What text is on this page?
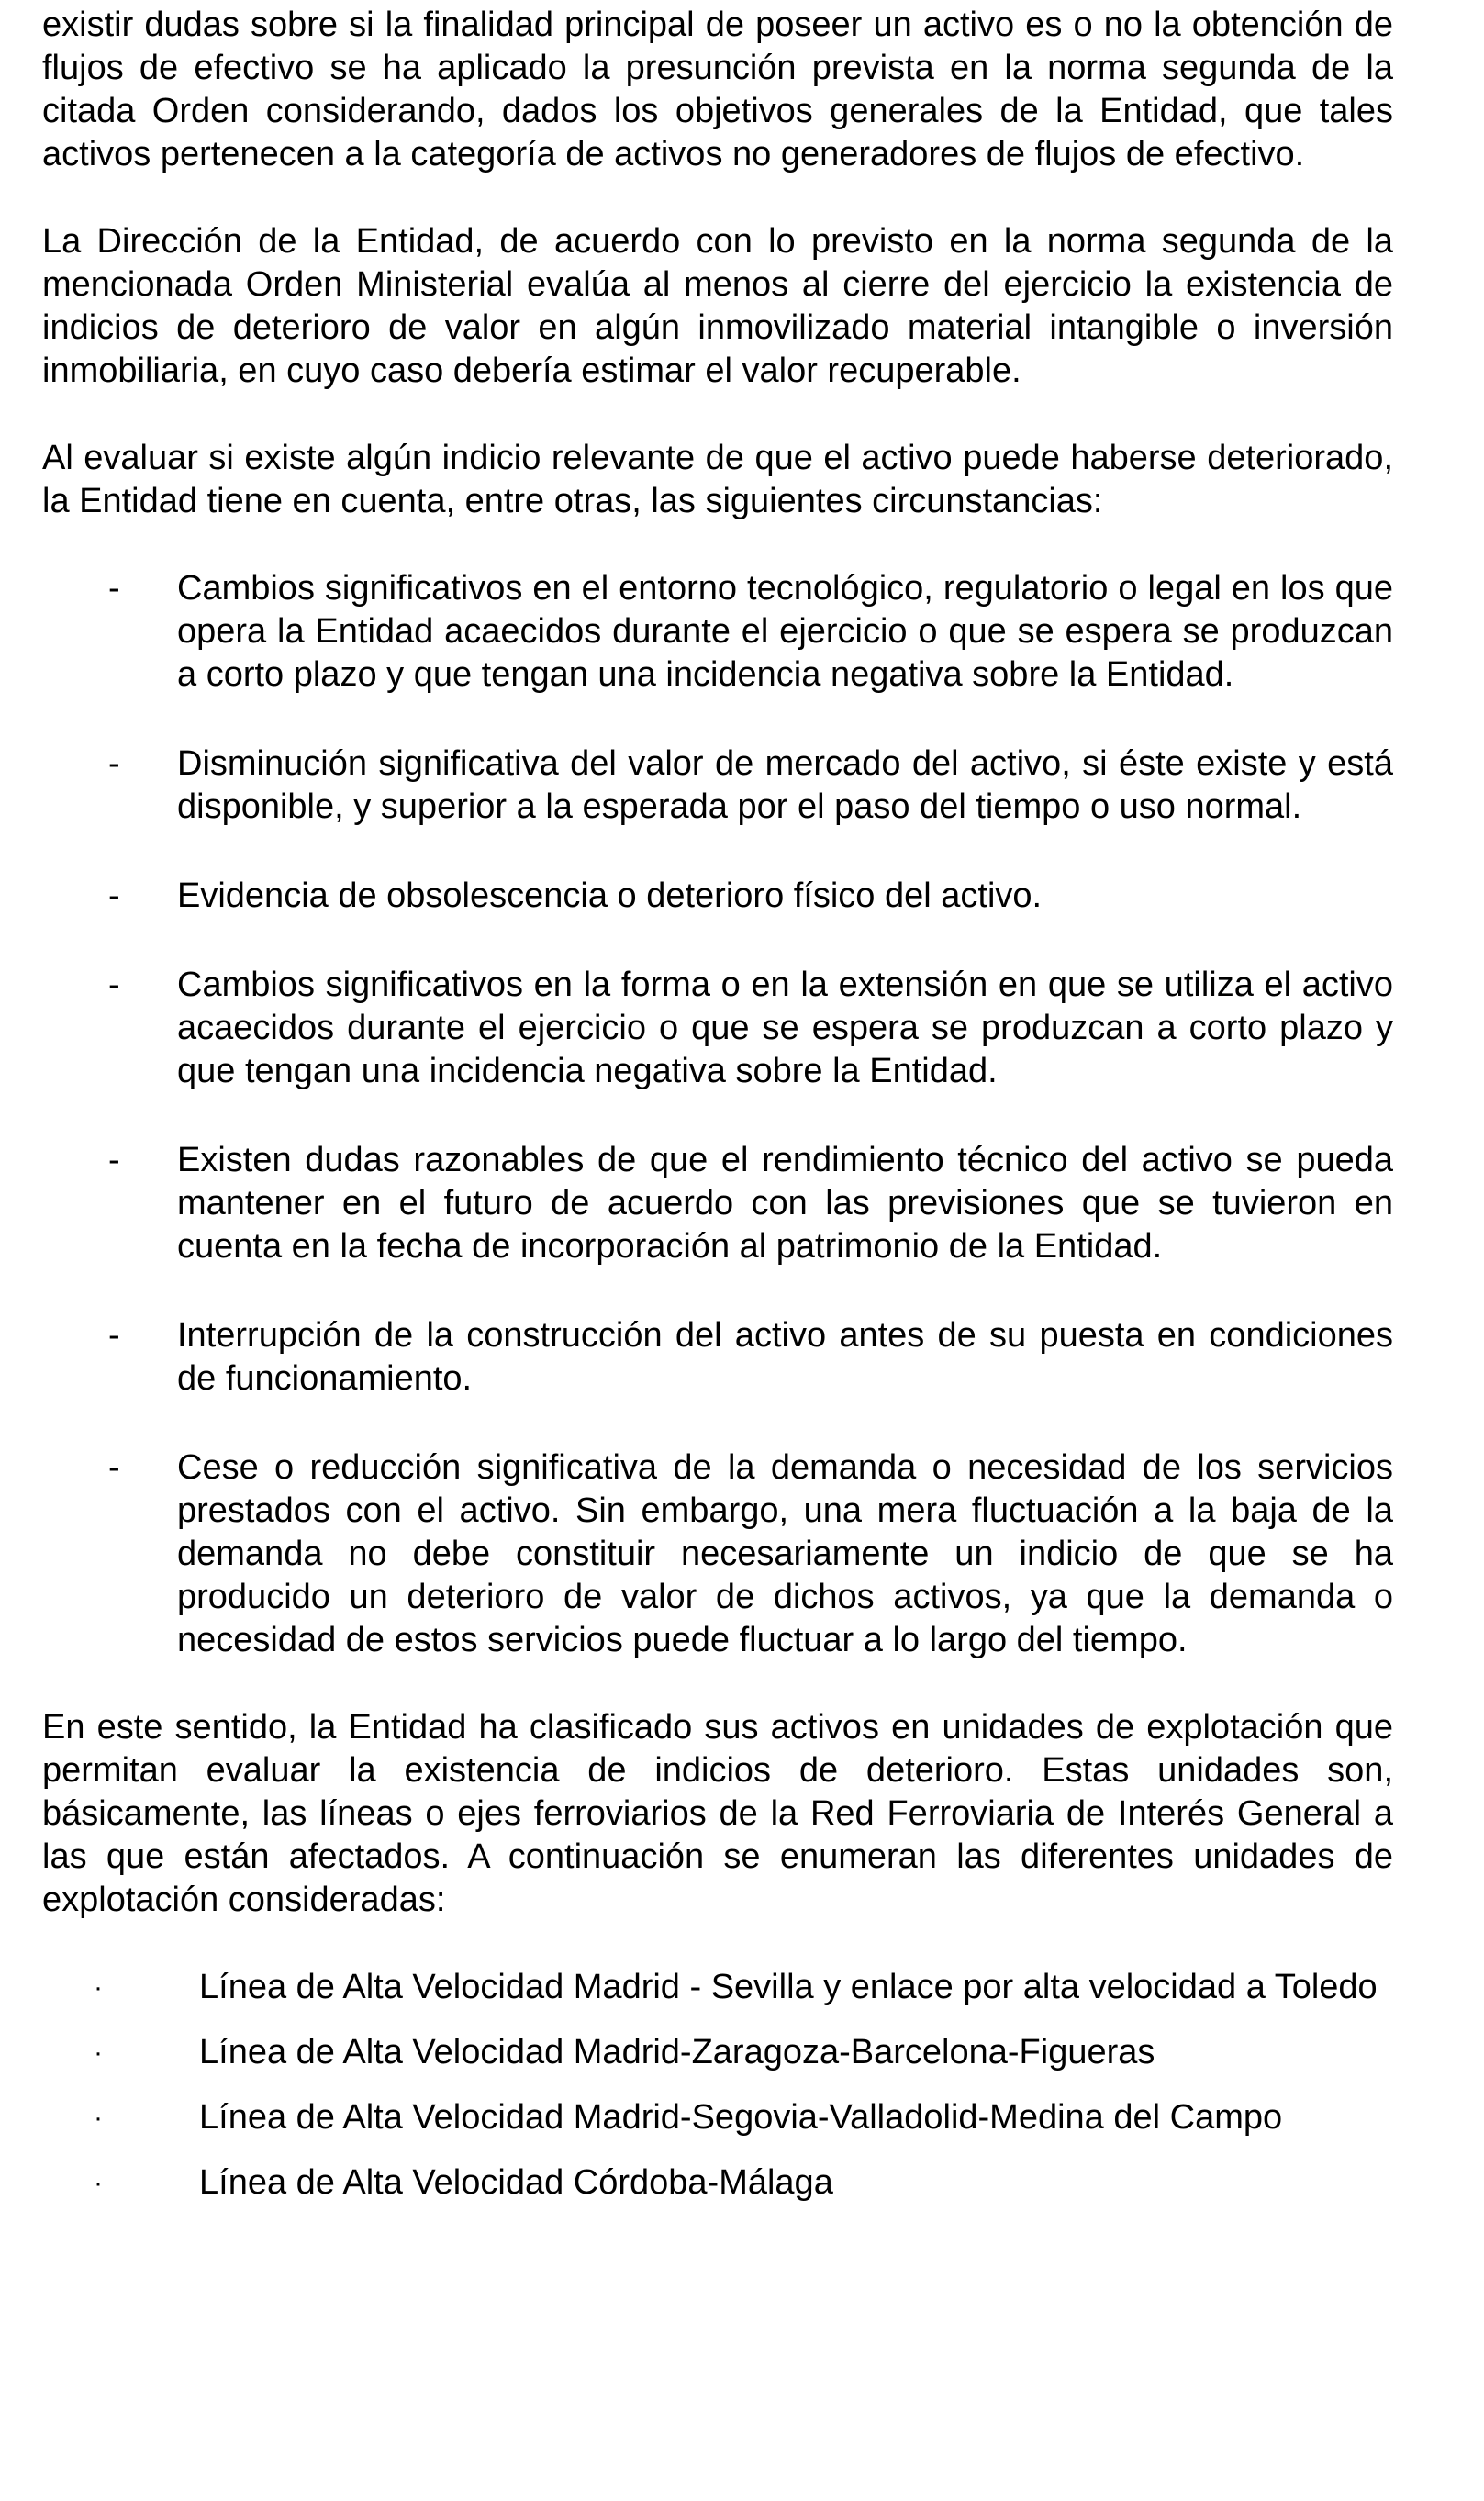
existir dudas sobre si la finalidad principal de poseer un activo es o no la obtención de flujos de efectivo se ha aplicado la presunción prevista en la norma segunda de la citada Orden considerando, dados los objetivos generales de la Entidad, que tales activos pertenecen a la categoría de activos no generadores de flujos de efectivo.

La Dirección de la Entidad, de acuerdo con lo previsto en la norma segunda de la mencionada Orden Ministerial evalúa al menos al cierre del ejercicio la existencia de indicios de deterioro de valor en algún inmovilizado material intangible o inversión inmobiliaria, en cuyo caso debería estimar el valor recuperable.

Al evaluar si existe algún indicio relevante de que el activo puede haberse deteriorado, la Entidad tiene en cuenta, entre otras, las siguientes circunstancias:

- Cambios significativos en el entorno tecnológico, regulatorio o legal en los que opera la Entidad acaecidos durante el ejercicio o que se espera se produzcan a corto plazo y que tengan una incidencia negativa sobre la Entidad.
- Disminución significativa del valor de mercado del activo, si éste existe y está disponible, y superior a la esperada por el paso del tiempo o uso normal.
- Evidencia de obsolescencia o deterioro físico del activo.
- Cambios significativos en la forma o en la extensión en que se utiliza el activo acaecidos durante el ejercicio o que se espera se produzcan a corto plazo y que tengan una incidencia negativa sobre la Entidad.
- Existen dudas razonables de que el rendimiento técnico del activo se pueda mantener en el futuro de acuerdo con las previsiones que se tuvieron en cuenta en la fecha de incorporación al patrimonio de la Entidad.
- Interrupción de la construcción del activo antes de su puesta en condiciones de funcionamiento.
- Cese o reducción significativa de la demanda o necesidad de los servicios prestados con el activo. Sin embargo, una mera fluctuación a la baja de la demanda no debe constituir necesariamente un indicio de que se ha producido un deterioro de valor de dichos activos, ya que la demanda o necesidad de estos servicios puede fluctuar a lo largo del tiempo.

En este sentido, la Entidad ha clasificado sus activos en unidades de explotación que permitan evaluar la existencia de indicios de deterioro. Estas unidades son, básicamente, las líneas o ejes ferroviarios de la Red Ferroviaria de Interés General a las que están afectados. A continuación se enumeran las diferentes unidades de explotación consideradas:

·	Línea de Alta Velocidad Madrid - Sevilla y enlace por alta velocidad a Toledo
·	Línea de Alta Velocidad Madrid-Zaragoza-Barcelona-Figueras
·	Línea de Alta Velocidad Madrid-Segovia-Valladolid-Medina del Campo
·	Línea de Alta Velocidad Córdoba-Málaga
